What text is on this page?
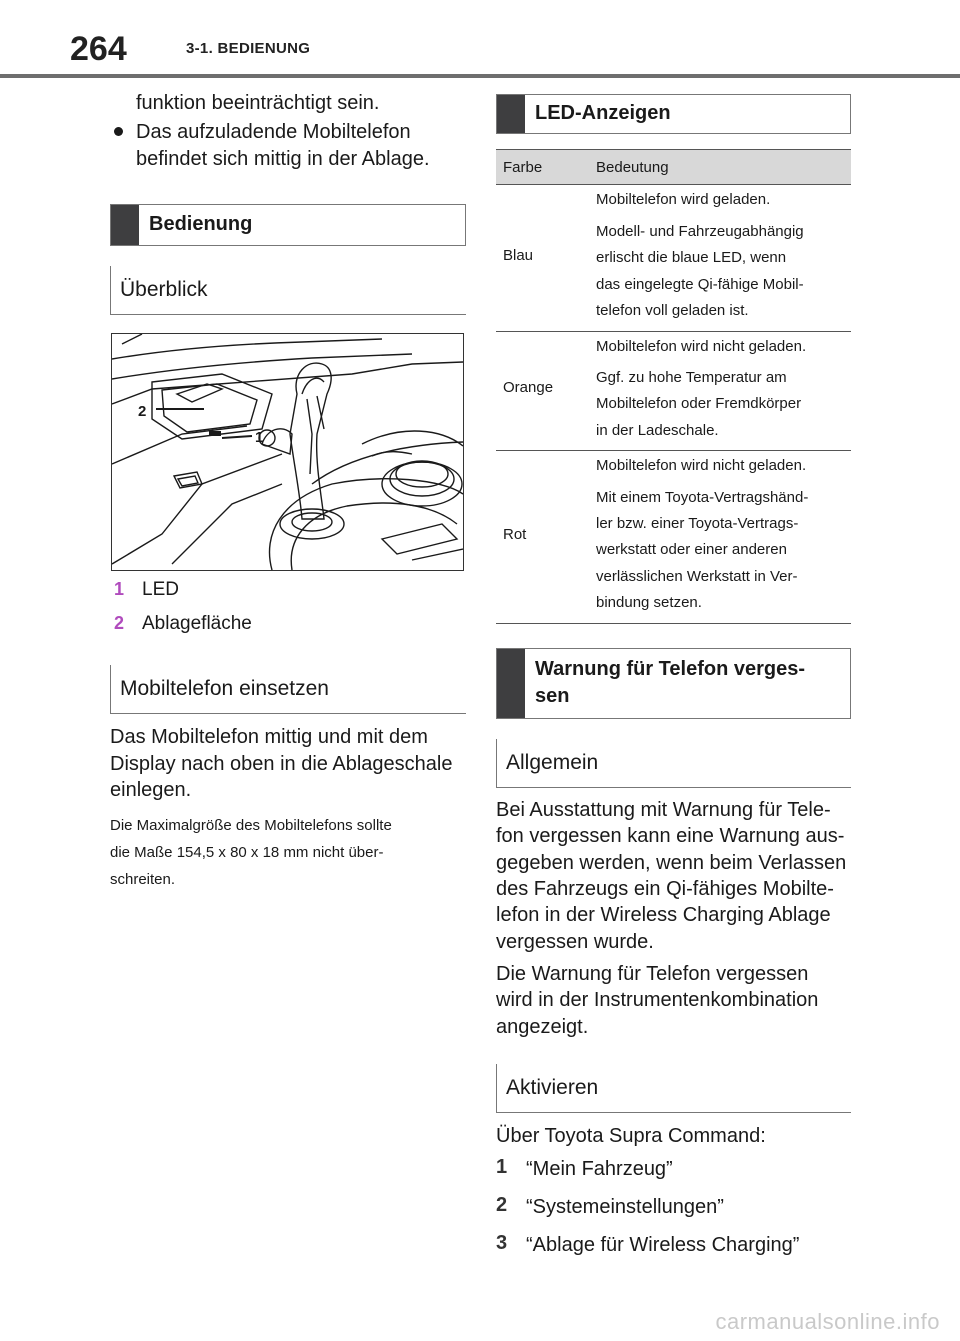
264	3-1. BEDIENUNG
funktion beeinträchtigt sein.
Das aufzuladende Mobiltelefon
befindet sich mittig in der Ablage.
Bedienung
Überblick
2
1
1 LED
2 Ablagefläche
Mobiltelefon einsetzen
Das Mobiltelefon mittig und mit dem
Display nach oben in die Ablageschale
einlegen.
Die Maximalgröße des Mobiltelefons sollte
die Maße 154,5 x 80 x 18 mm nicht über-
schreiten.
LED-Anzeigen
Farbe	Bedeutung
Blau
Mobiltelefon wird geladen.
Modell- und Fahrzeugabhängig
erlischt die blaue LED, wenn
das eingelegte Qi-fähige Mobil-
telefon voll geladen ist.
Orange
Mobiltelefon wird nicht geladen.
Ggf. zu hohe Temperatur am
Mobiltelefon oder Fremdkörper
in der Ladeschale.
Rot
Mobiltelefon wird nicht geladen.
Mit einem Toyota-Vertragshänd-
ler bzw. einer Toyota-Vertrags-
werkstatt oder einer anderen
verlässlichen Werkstatt in Ver-
bindung setzen.
Warnung für Telefon verges-
sen
Allgemein
Bei Ausstattung mit Warnung für Tele-
fon vergessen kann eine Warnung aus-
gegeben werden, wenn beim Verlassen
des Fahrzeugs ein Qi-fähiges Mobilte-
lefon in der Wireless Charging Ablage
vergessen wurde.
Die Warnung für Telefon vergessen
wird in der Instrumentenkombination
angezeigt.
Aktivieren
Über Toyota Supra Command:
1 “Mein Fahrzeug”
2 “Systemeinstellungen”
3 “Ablage für Wireless Charging”
carmanualsonline.info
